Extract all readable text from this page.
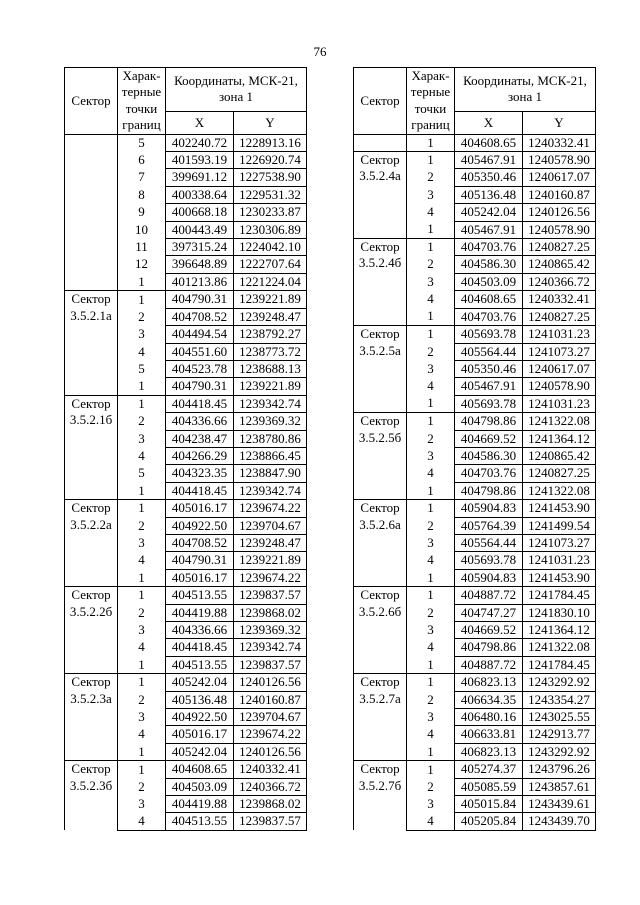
76
Сектор	Харак-терные точки границ	Координаты, МСК-21, зона 1	
		X	Y
	5	402240.72	1228913.16
	6	401593.19	1226920.74
	7	399691.12	1227538.90
	8	400338.64	1229531.32
	9	400668.18	1230233.87
	10	400443.49	1230306.89
	11	397315.24	1224042.10
	12	396648.89	1222707.64
	1	401213.86	1221224.04
Сектор 3.5.2.1а	1	404790.31	1239221.89
	2	404708.52	1239248.47
	3	404494.54	1238792.27
	4	404551.60	1238773.72
	5	404523.78	1238688.13
	1	404790.31	1239221.89
Сектор 3.5.2.1б	1	404418.45	1239342.74
	2	404336.66	1239369.32
	3	404238.47	1238780.86
	4	404266.29	1238866.45
	5	404323.35	1238847.90
	1	404418.45	1239342.74
Сектор 3.5.2.2а	1	405016.17	1239674.22
	2	404922.50	1239704.67
	3	404708.52	1239248.47
	4	404790.31	1239221.89
	1	405016.17	1239674.22
Сектор 3.5.2.2б	1	404513.55	1239837.57
	2	404419.88	1239868.02
	3	404336.66	1239369.32
	4	404418.45	1239342.74
	1	404513.55	1239837.57
Сектор 3.5.2.3а	1	405242.04	1240126.56
	2	405136.48	1240160.87
	3	404922.50	1239704.67
	4	405016.17	1239674.22
	1	405242.04	1240126.56
Сектор 3.5.2.3б	1	404608.65	1240332.41
	2	404503.09	1240366.72
	3	404419.88	1239868.02
	4	404513.55	1239837.57
Сектор	Харак-терные точки границ	Координаты, МСК-21, зона 1	
		X	Y
	1	404608.65	1240332.41
Сектор 3.5.2.4а	1	405467.91	1240578.90
	2	405350.46	1240617.07
	3	405136.48	1240160.87
	4	405242.04	1240126.56
	1	405467.91	1240578.90
Сектор 3.5.2.4б	1	404703.76	1240827.25
	2	404586.30	1240865.42
	3	404503.09	1240366.72
	4	404608.65	1240332.41
	1	404703.76	1240827.25
Сектор 3.5.2.5а	1	405693.78	1241031.23
	2	405564.44	1241073.27
	3	405350.46	1240617.07
	4	405467.91	1240578.90
	1	405693.78	1241031.23
Сектор 3.5.2.5б	1	404798.86	1241322.08
	2	404669.52	1241364.12
	3	404586.30	1240865.42
	4	404703.76	1240827.25
	1	404798.86	1241322.08
Сектор 3.5.2.6а	1	405904.83	1241453.90
	2	405764.39	1241499.54
	3	405564.44	1241073.27
	4	405693.78	1241031.23
	1	405904.83	1241453.90
Сектор 3.5.2.6б	1	404887.72	1241784.45
	2	404747.27	1241830.10
	3	404669.52	1241364.12
	4	404798.86	1241322.08
	1	404887.72	1241784.45
Сектор 3.5.2.7а	1	406823.13	1243292.92
	2	406634.35	1243354.27
	3	406480.16	1243025.55
	4	406633.81	1242913.77
	1	406823.13	1243292.92
Сектор 3.5.2.7б	1	405274.37	1243796.26
	2	405085.59	1243857.61
	3	405015.84	1243439.61
	4	405205.84	1243439.70
